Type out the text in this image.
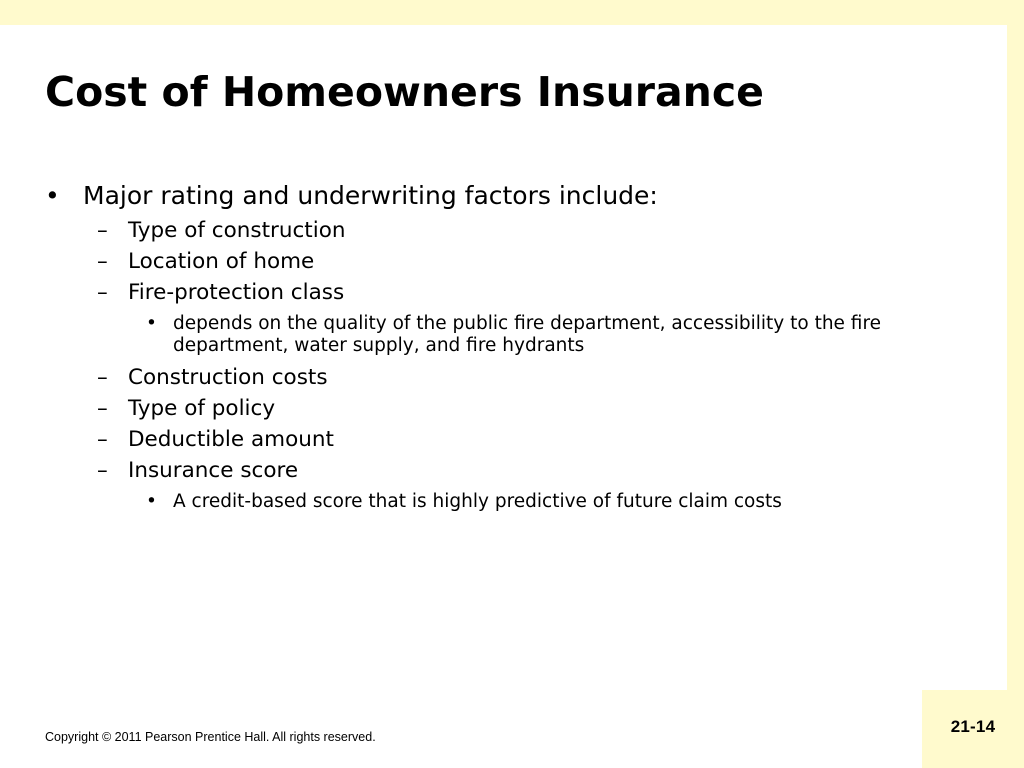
21-14
Cost of Homeowners Insurance
• Major rating and underwriting factors include:
– Type of construction
– Location of home
– Fire-protection class
• depends on the quality of the public fire department, accessibility to the fire department, water supply, and fire hydrants
– Construction costs
– Type of policy
– Deductible amount
– Insurance score
• A credit-based score that is highly predictive of future claim costs
Copyright © 2011 Pearson Prentice Hall. All rights reserved.
